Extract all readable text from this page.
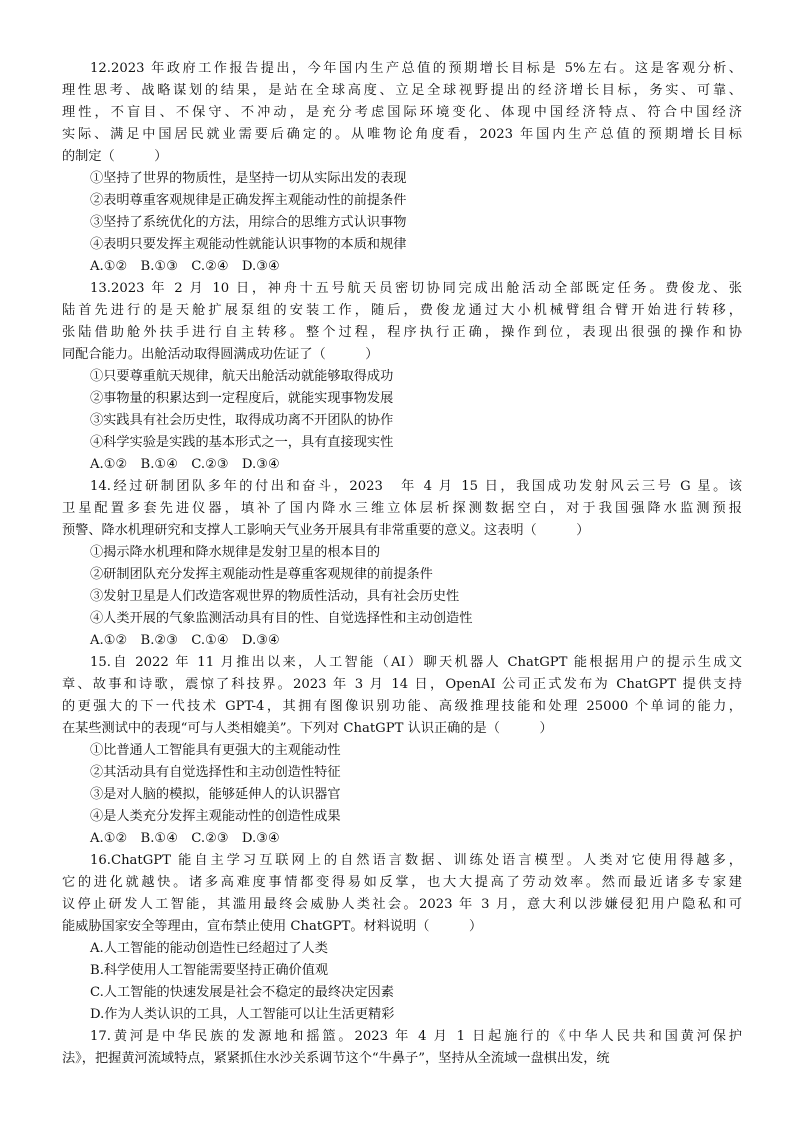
12.2023 年政府工作报告提出，今年国内生产总值的预期增长目标是 5%左右。这是客观分析、
理性思考、战略谋划的结果，是站在全球高度、立足全球视野提出的经济增长目标，务实、可靠、
理性，不盲目、不保守、不冲动，是充分考虑国际环境变化、体现中国经济特点、符合中国经济
实际、满足中国居民就业需要后确定的。从唯物论角度看，2023 年国内生产总值的预期增长目标
的制定（　　　）
①坚持了世界的物质性，是坚持一切从实际出发的表现
②表明尊重客观规律是正确发挥主观能动性的前提条件
③坚持了系统优化的方法，用综合的思维方式认识事物
④表明只要发挥主观能动性就能认识事物的本质和规律
A.①②　B.①③　C.②④　D.③④
13.2023 年 2 月 10 日，神舟十五号航天员密切协同完成出舱活动全部既定任务。费俊龙、张
陆首先进行的是天舱扩展泵组的安装工作，随后，费俊龙通过大小机械臂组合臂开始进行转移，
张陆借助舱外扶手进行自主转移。整个过程，程序执行正确，操作到位，表现出很强的操作和协
同配合能力。出舱活动取得圆满成功佐证了（　　　）
①只要尊重航天规律，航天出舱活动就能够取得成功
②事物量的积累达到一定程度后，就能实现事物发展
③实践具有社会历史性，取得成功离不开团队的协作
④科学实验是实践的基本形式之一，具有直接现实性
A.①②　B.①④　C.②③　D.③④
14.经过研制团队多年的付出和奋斗，2023　年 4 月 15 日，我国成功发射风云三号 G 星。该
卫星配置多套先进仪器，填补了国内降水三维立体层析探测数据空白，对于我国强降水监测预报
预警、降水机理研究和支撑人工影响天气业务开展具有非常重要的意义。这表明（　　　）
①揭示降水机理和降水规律是发射卫星的根本目的
②研制团队充分发挥主观能动性是尊重客观规律的前提条件
③发射卫星是人们改造客观世界的物质性活动，具有社会历史性
④人类开展的气象监测活动具有目的性、自觉选择性和主动创造性
A.①②　B.②③　C.①④　D.③④
15.自 2022 年 11 月推出以来，人工智能（AI）聊天机器人 ChatGPT 能根据用户的提示生成文
章、故事和诗歌，震惊了科技界。2023 年 3 月 14 日，OpenAI 公司正式发布为 ChatGPT 提供支持
的更强大的下一代技术 GPT-4，其拥有图像识别功能、高级推理技能和处理 25000 个单词的能力，
在某些测试中的表现“可与人类相媲美”。下列对 ChatGPT 认识正确的是（　　　）
①比普通人工智能具有更强大的主观能动性
②其活动具有自觉选择性和主动创造性特征
③是对人脑的模拟，能够延伸人的认识器官
④是人类充分发挥主观能动性的创造性成果
A.①②　B.①④　C.②③　D.③④
16.ChatGPT 能自主学习互联网上的自然语言数据、训练处语言模型。人类对它使用得越多，
它的进化就越快。诸多高难度事情都变得易如反掌，也大大提高了劳动效率。然而最近诸多专家建
议停止研发人工智能，其滥用最终会威胁人类社会。2023 年 3 月，意大利以涉嫌侵犯用户隐私和可
能威胁国家安全等理由，宣布禁止使用 ChatGPT。材料说明（　　　）
A.人工智能的能动创造性已经超过了人类
B.科学使用人工智能需要坚持正确价值观
C.人工智能的快速发展是社会不稳定的最终决定因素
D.作为人类认识的工具，人工智能可以让生活更精彩
17.黄河是中华民族的发源地和摇篮。2023 年 4 月 1 日起施行的《中华人民共和国黄河保护
法》，把握黄河流域特点，紧紧抓住水沙关系调节这个“牛鼻子”，坚持从全流域一盘棋出发，统
